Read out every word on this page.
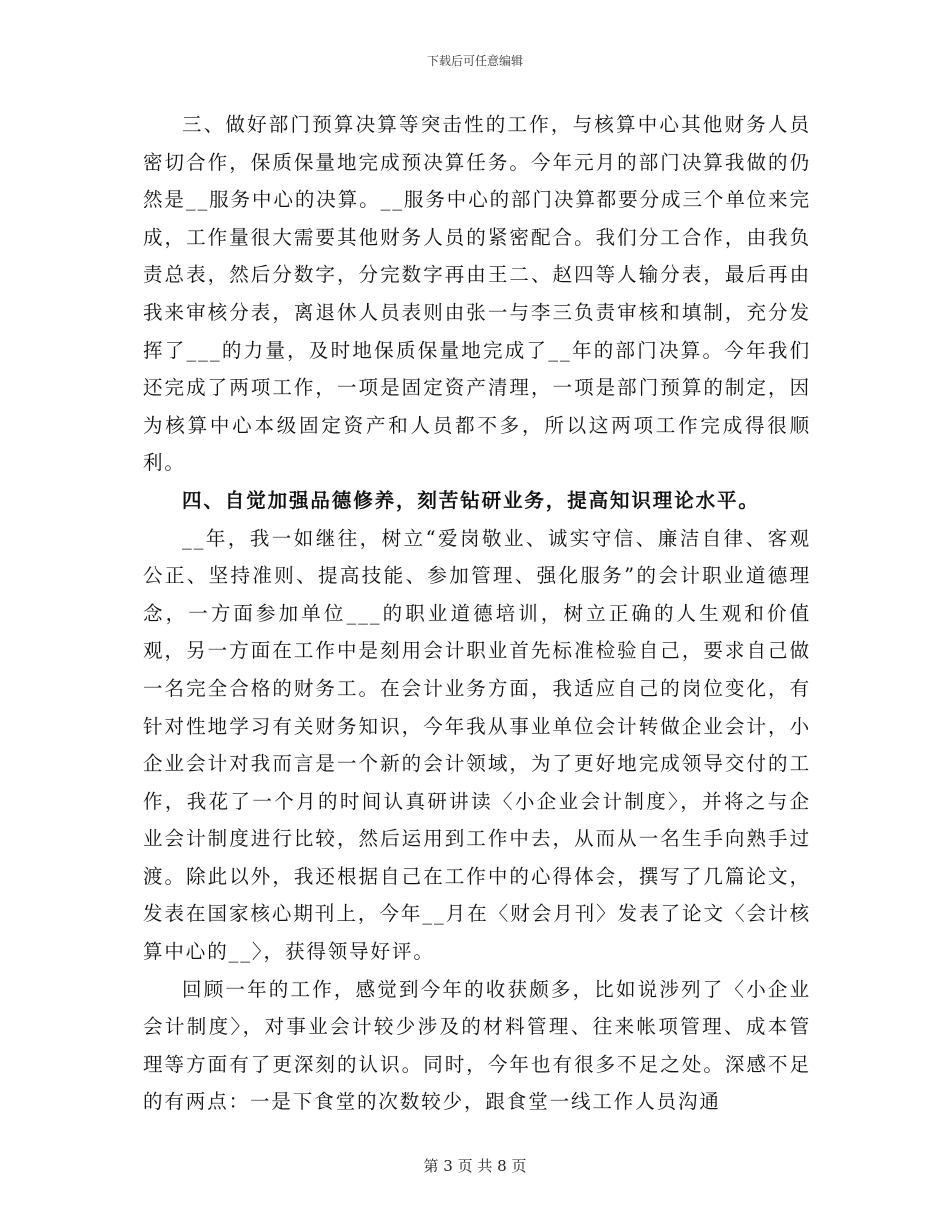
下载后可任意编辑

三、做好部门预算决算等突击性的工作，与核算中心其他财务人员密切合作，保质保量地完成预决算任务。今年元月的部门决算我做的仍然是__服务中心的决算。__服务中心的部门决算都要分成三个单位来完成，工作量很大需要其他财务人员的紧密配合。我们分工合作，由我负责总表，然后分数字，分完数字再由王二、赵四等人输分表，最后再由我来审核分表，离退休人员表则由张一与李三负责审核和填制，充分发挥了___的力量，及时地保质保量地完成了__年的部门决算。今年我们还完成了两项工作，一项是固定资产清理，一项是部门预算的制定，因为核算中心本级固定资产和人员都不多，所以这两项工作完成得很顺利。

四、自觉加强品德修养，刻苦钻研业务，提高知识理论水平。

__年，我一如继往，树立“爱岗敬业、诚实守信、廉洁自律、客观公正、坚持准则、提高技能、参加管理、强化服务”的会计职业道德理念，一方面参加单位___的职业道德培训，树立正确的人生观和价值观，另一方面在工作中是刻用会计职业首先标准检验自己，要求自己做一名完全合格的财务工。在会计业务方面，我适应自己的岗位变化，有针对性地学习有关财务知识，今年我从事业单位会计转做企业会计，小企业会计对我而言是一个新的会计领域，为了更好地完成领导交付的工作，我花了一个月的时间认真研讲读〈小企业会计制度〉，并将之与企业会计制度进行比较，然后运用到工作中去，从而从一名生手向熟手过渡。除此以外，我还根据自己在工作中的心得体会，撰写了几篇论文，发表在国家核心期刊上，今年__月在〈财会月刊〉发表了论文〈会计核算中心的__〉，获得领导好评。

回顾一年的工作，感觉到今年的收获颇多，比如说涉列了〈小企业会计制度〉，对事业会计较少涉及的材料管理、往来帐项管理、成本管理等方面有了更深刻的认识。同时，今年也有很多不足之处。深感不足的有两点：一是下食堂的次数较少，跟食堂一线工作人员沟通

第 3 页 共 8 页
